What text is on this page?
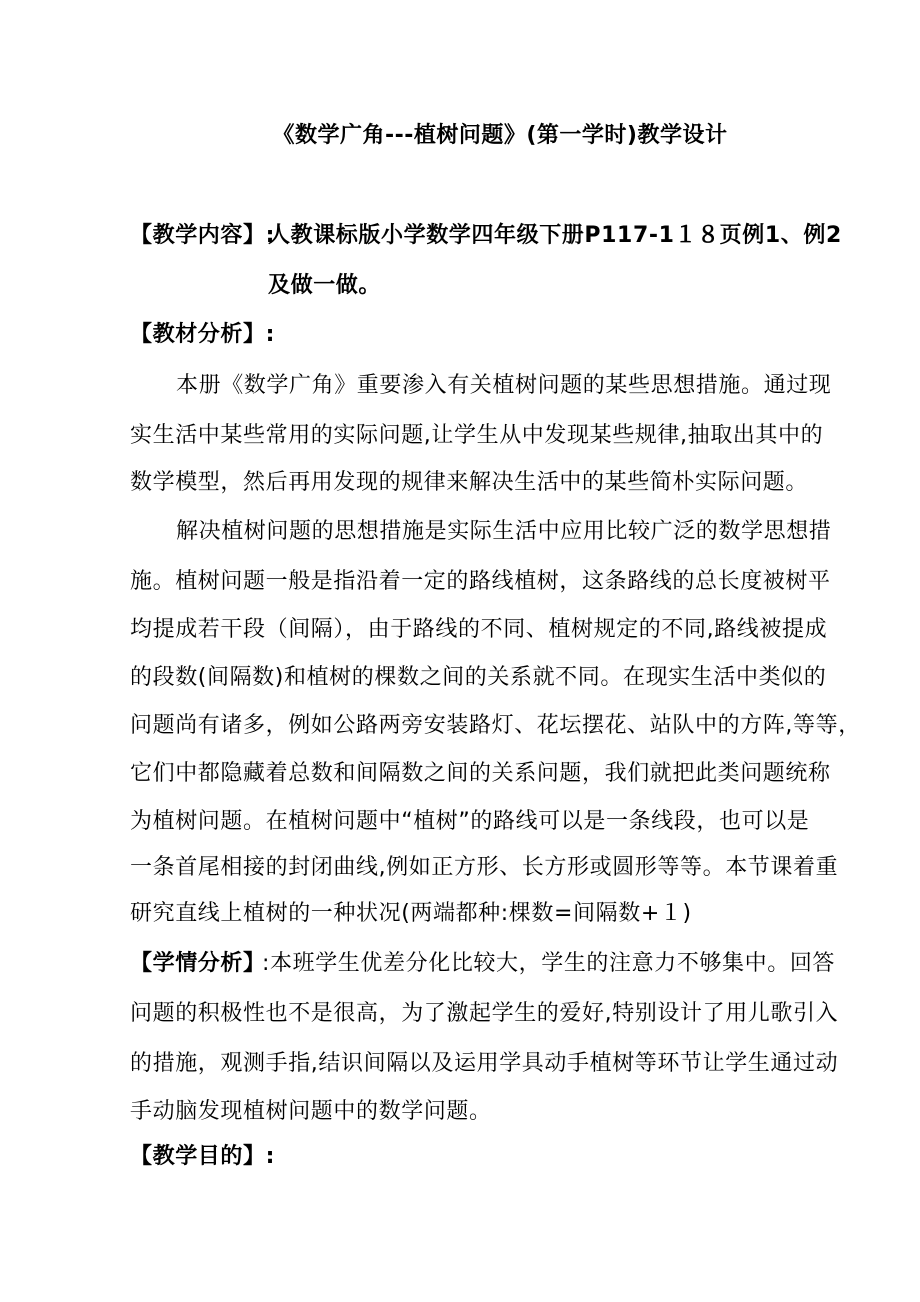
《数学广角---植树问题》(第一学时)教学设计
【教学内容】:
人教课标版小学数学四年级下册P117-1１８页例1、例2
及做一做。
【教材分析】:
本册《数学广角》重要渗入有关植树问题的某些思想措施。通过现
实生活中某些常用的实际问题,让学生从中发现某些规律,抽取出其中的
数学模型，然后再用发现的规律来解决生活中的某些简朴实际问题。
解决植树问题的思想措施是实际生活中应用比较广泛的数学思想措
施。植树问题一般是指沿着一定的路线植树，这条路线的总长度被树平
均提成若干段（间隔），由于路线的不同、植树规定的不同,路线被提成
的段数(间隔数)和植树的棵数之间的关系就不同。在现实生活中类似的
问题尚有诸多，例如公路两旁安装路灯、花坛摆花、站队中的方阵,等等，
它们中都隐藏着总数和间隔数之间的关系问题，我们就把此类问题统称
为植树问题。在植树问题中“植树”的路线可以是一条线段，也可以是
一条首尾相接的封闭曲线,例如正方形、长方形或圆形等等。本节课着重
研究直线上植树的一种状况(两端都种:棵数=间隔数+１)
【学情分析】
:本班学生优差分化比较大，学生的注意力不够集中。回答
问题的积极性也不是很高，为了激起学生的爱好,特别设计了用儿歌引入
的措施，观测手指,结识间隔以及运用学具动手植树等环节让学生通过动
手动脑发现植树问题中的数学问题。
【教学目的】:
